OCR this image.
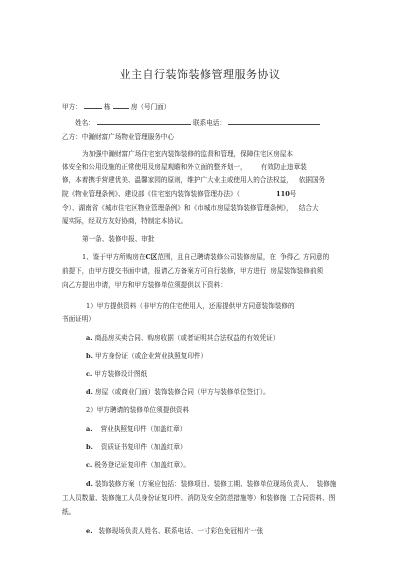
业主自行装饰装修管理服务协议
甲方：	栋	房（号门面）
姓名：	联系电话：
乙方：中瀚财富广场物业管理服务中心
为加强中瀚财富广场住宅室内装饰装修的监督和管理，保障住宅区房屋本
体安全和公用设施的正常使用及房屋观瞻和外立面的整齐划一， 有效防止违章装
修，本着携手营建优美、温馨家园的原则，维护广大业主或使用人的合法权益， 依据国务
院《物业管理条例》、建设部《住宅室内装饰装修管理办法》（	110号
令）、湖南省《城市住宅区物业管理条例》和《市城市房屋装饰装修管理条例》， 结合大
厦实际，经双方友好协商，特制定本协议。
第一条、装修申报、审批
1、鉴于甲方所购房在C区范围，且自己聘请装修公司装修房屋，在 争得乙 方同意的
前提下，由甲方提交书面申请，报请乙方备案方可自行装修，甲方进行 房屋装饰装修前须
向乙方提出申请，甲方和甲方装修单位须提供以下资料：
1）甲方提供资料（非甲方的住宅使用人，还需提供甲方同意装饰装修的
书面证明）
a. 商品房买卖合同、购房收据（或者证明其合法权益的有效凭证）
b. 甲方身份证（或企业营业执照复印件）
c. 甲方装修设计图纸
d. 房屋（或商业门面）装饰装修合同（甲方与装修单位签订）。
2）甲方聘请的装修单位须提供资料
a. 营业执照复印件（加盖红章）
b. 资质证书复印件（加盖红章）
c. 税务登记证复印件（加盖红章）。
d. 装饰装修方案（方案应包括：装修项目、装修工期、装修单位现场负责人、 装修施
工人员数量、装修施工人员身份证复印件、消防及安全防范措施等）和装修施 工合同资料、图
纸。
e. 装修现场负责人姓名、联系电话、一寸彩色免冠相片一张
